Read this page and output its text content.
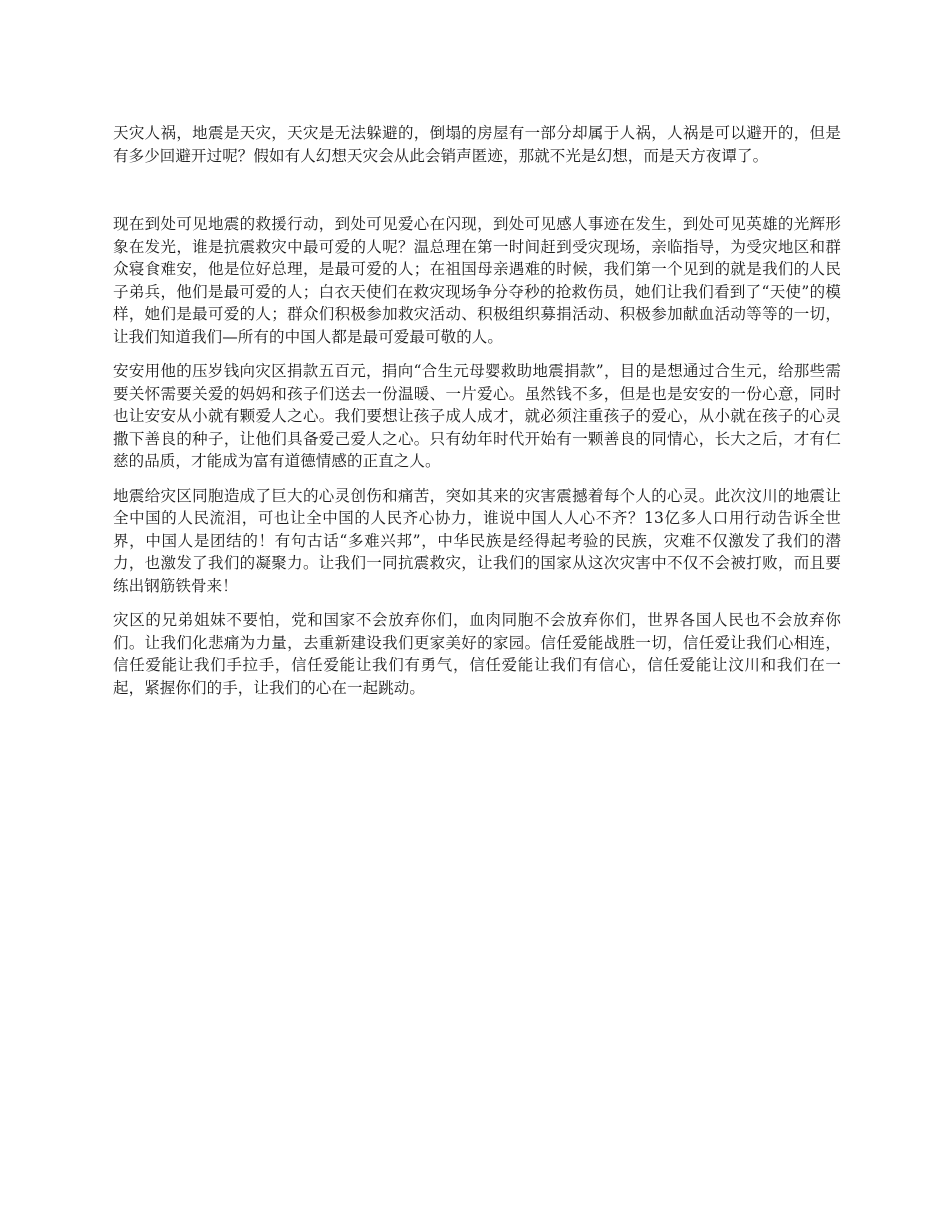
天灾人祸，地震是天灾，天灾是无法躲避的，倒塌的房屋有一部分却属于人祸，人祸是可以避开的，但是有多少回避开过呢？假如有人幻想天灾会从此会销声匿迹，那就不光是幻想，而是天方夜谭了。

现在到处可见地震的救援行动，到处可见爱心在闪现，到处可见感人事迹在发生，到处可见英雄的光辉形象在发光，谁是抗震救灾中最可爱的人呢？温总理在第一时间赶到受灾现场，亲临指导，为受灾地区和群众寝食难安，他是位好总理，是最可爱的人；在祖国母亲遇难的时候，我们第一个见到的就是我们的人民子弟兵，他们是最可爱的人；白衣天使们在救灾现场争分夺秒的抢救伤员，她们让我们看到了“天使”的模样，她们是最可爱的人；群众们积极参加救灾活动、积极组织募捐活动、积极参加献血活动等等的一切，让我们知道我们—所有的中国人都是最可爱最可敬的人。

安安用他的压岁钱向灾区捐款五百元，捐向“合生元母婴救助地震捐款”，目的是想通过合生元，给那些需要关怀需要关爱的妈妈和孩子们送去一份温暖、一片爱心。虽然钱不多，但是也是安安的一份心意，同时也让安安从小就有颗爱人之心。我们要想让孩子成人成才，就必须注重孩子的爱心，从小就在孩子的心灵撒下善良的种子，让他们具备爱己爱人之心。只有幼年时代开始有一颗善良的同情心，长大之后，才有仁慈的品质，才能成为富有道德情感的正直之人。

地震给灾区同胞造成了巨大的心灵创伤和痛苦，突如其来的灾害震撼着每个人的心灵。此次汶川的地震让全中国的人民流泪，可也让全中国的人民齐心协力，谁说中国人人心不齐？13亿多人口用行动告诉全世界，中国人是团结的！有句古话“多难兴邦”，中华民族是经得起考验的民族，灾难不仅激发了我们的潜力，也激发了我们的凝聚力。让我们一同抗震救灾，让我们的国家从这次灾害中不仅不会被打败，而且要练出钢筋铁骨来！

灾区的兄弟姐妹不要怕，党和国家不会放弃你们，血肉同胞不会放弃你们，世界各国人民也不会放弃你们。让我们化悲痛为力量，去重新建设我们更家美好的家园。信任爱能战胜一切，信任爱让我们心相连，信任爱能让我们手拉手，信任爱能让我们有勇气，信任爱能让我们有信心，信任爱能让汶川和我们在一起，紧握你们的手，让我们的心在一起跳动。
